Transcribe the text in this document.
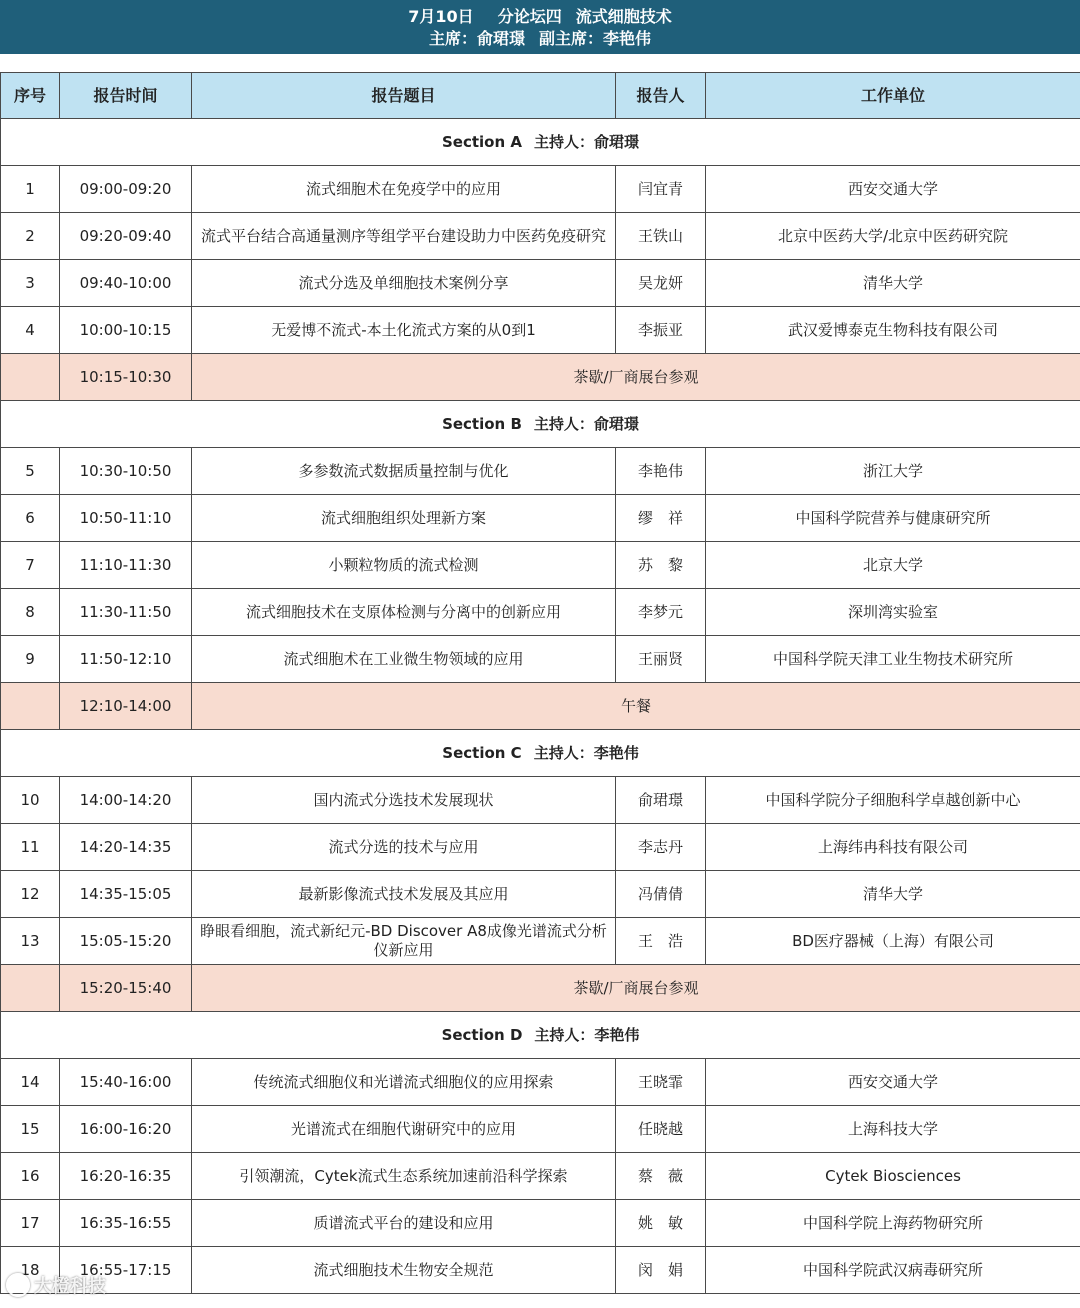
7月10日 分论坛四 流式细胞技术
主席：俞珺璟 副主席：李艳伟
序号	报告时间	报告题目	报告人	工作单位
Section A 主持人：俞珺璟				
1	09:00-09:20	流式细胞术在免疫学中的应用	闫宜青	西安交通大学
2	09:20-09:40	流式平台结合高通量测序等组学平台建设助力中医药免疫研究	王铁山	北京中医药大学/北京中医药研究院
3	09:40-10:00	流式分选及单细胞技术案例分享	吴龙妍	清华大学
4	10:00-10:15	无爱博不流式-本土化流式方案的从0到1	李振亚	武汉爱博泰克生物科技有限公司
	10:15-10:30	茶歇/厂商展台参观		
Section B 主持人：俞珺璟				
5	10:30-10:50	多参数流式数据质量控制与优化	李艳伟	浙江大学
6	10:50-11:10	流式细胞组织处理新方案	缪　祥	中国科学院营养与健康研究所
7	11:10-11:30	小颗粒物质的流式检测	苏　黎	北京大学
8	11:30-11:50	流式细胞技术在支原体检测与分离中的创新应用	李梦元	深圳湾实验室
9	11:50-12:10	流式细胞术在工业微生物领域的应用	王丽贤	中国科学院天津工业生物技术研究所
	12:10-14:00	午餐		
Section C 主持人：李艳伟				
10	14:00-14:20	国内流式分选技术发展现状	俞珺璟	中国科学院分子细胞科学卓越创新中心
11	14:20-14:35	流式分选的技术与应用	李志丹	上海纬冉科技有限公司
12	14:35-15:05	最新影像流式技术发展及其应用	冯倩倩	清华大学
13	15:05-15:20	睁眼看细胞，流式新纪元-BD Discover A8成像光谱流式分析仪新应用	王　浩	BD医疗器械（上海）有限公司
	15:20-15:40	茶歇/厂商展台参观		
Section D 主持人：李艳伟				
14	15:40-16:00	传统流式细胞仪和光谱流式细胞仪的应用探索	王晓霏	西安交通大学
15	16:00-16:20	光谱流式在细胞代谢研究中的应用	任晓越	上海科技大学
16	16:20-16:35	引领潮流，Cytek流式生态系统加速前沿科学探索	蔡　薇	Cytek Biosciences
17	16:35-16:55	质谱流式平台的建设和应用	姚　敏	中国科学院上海药物研究所
18	16:55-17:15	流式细胞技术生物安全规范	闵　娟	中国科学院武汉病毒研究所
大橙科技
